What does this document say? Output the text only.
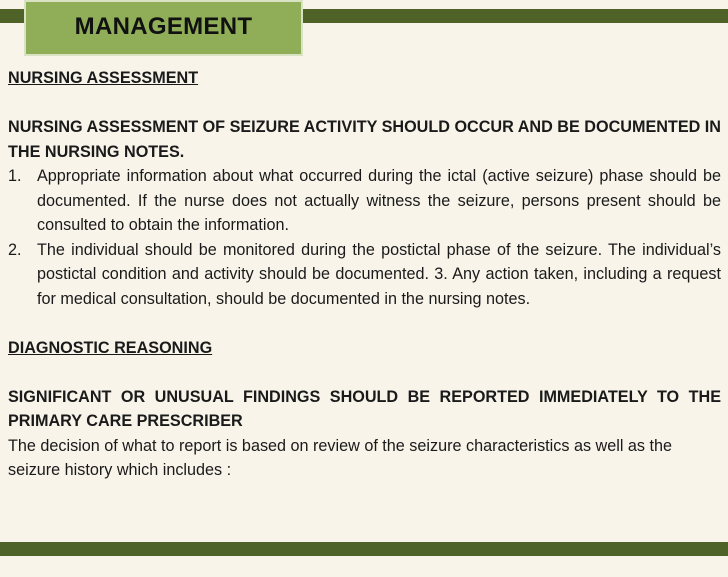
MANAGEMENT

NURSING ASSESSMENT

NURSING ASSESSMENT OF SEIZURE ACTIVITY SHOULD OCCUR AND BE DOCUMENTED IN THE NURSING NOTES.

1. Appropriate information about what occurred during the ictal (active seizure) phase should be documented. If the nurse does not actually witness the seizure, persons present should be consulted to obtain the information.
2. The individual should be monitored during the postictal phase of the seizure. The individual’s postictal condition and activity should be documented. 3. Any action taken, including a request for medical consultation, should be documented in the nursing notes.

DIAGNOSTIC REASONING

SIGNIFICANT OR UNUSUAL FINDINGS SHOULD BE REPORTED IMMEDIATELY TO THE PRIMARY CARE PRESCRIBER

The decision of what to report is based on review of the seizure characteristics as well as the seizure history which includes :
